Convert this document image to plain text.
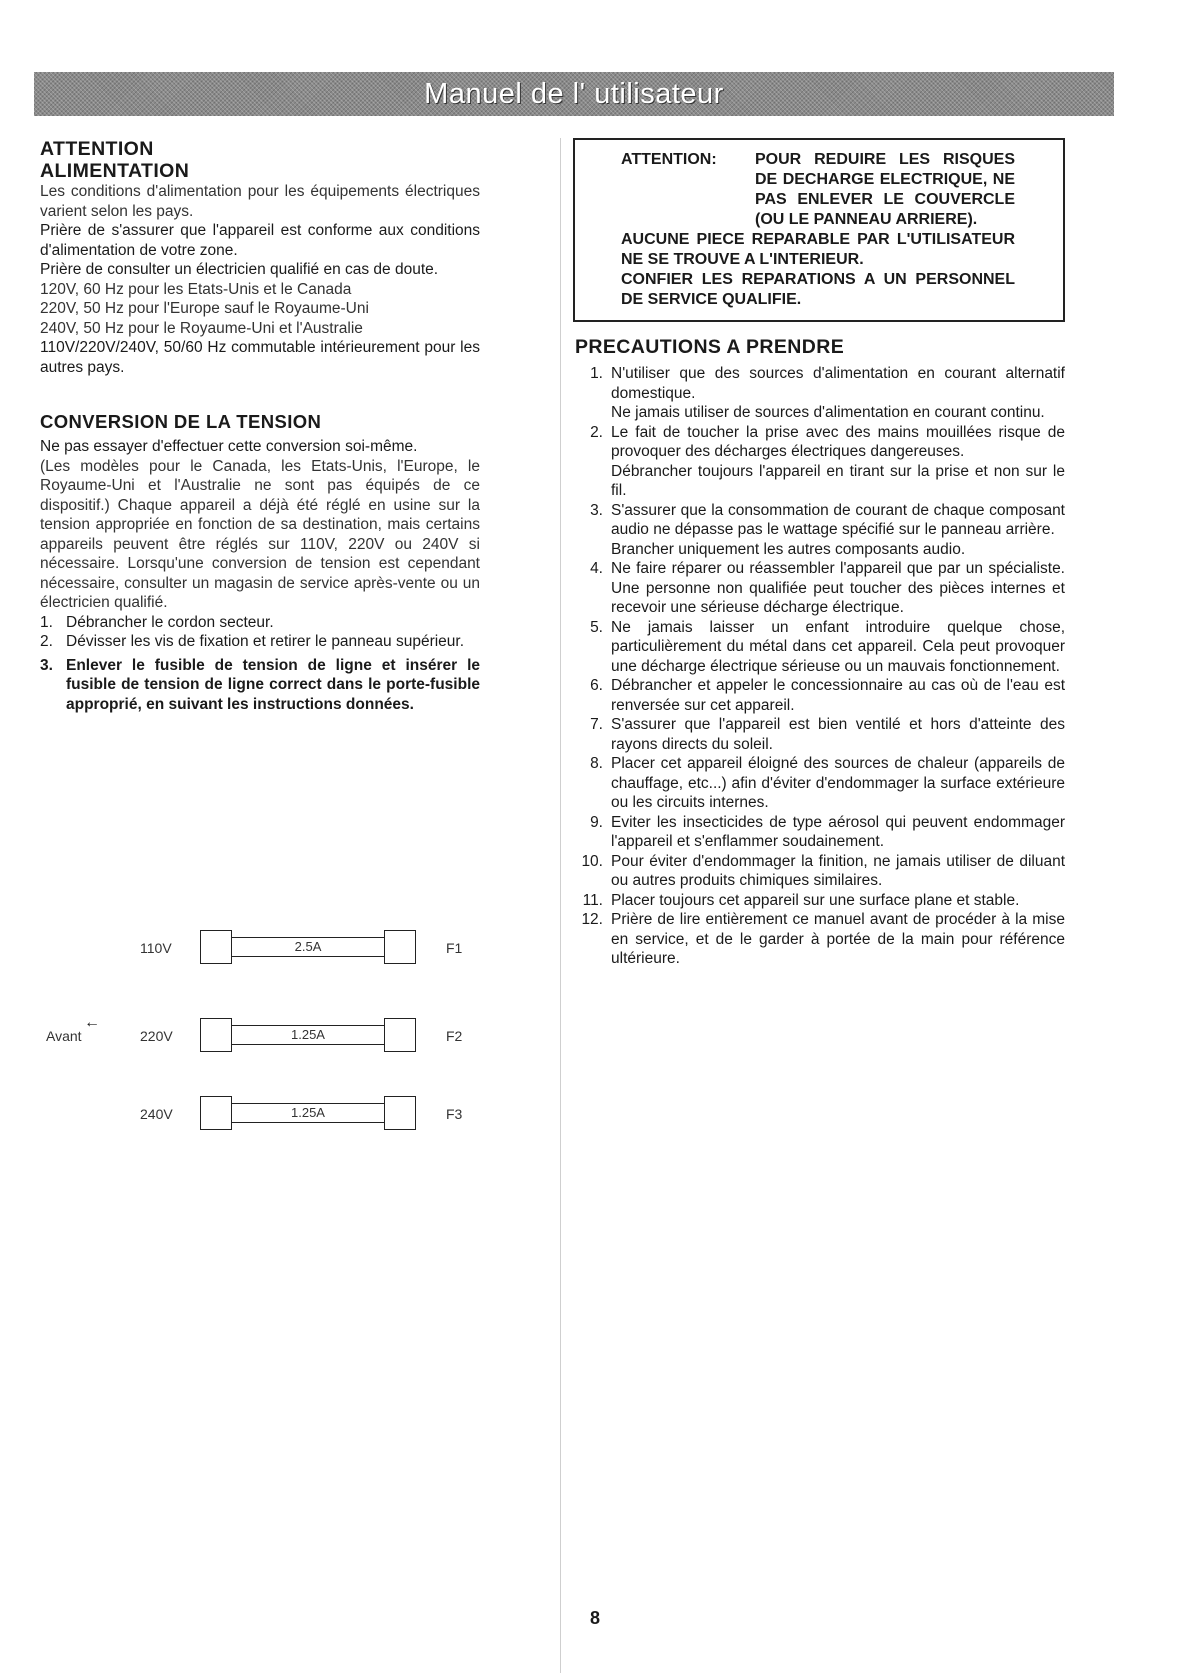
Manuel de l' utilisateur

ATTENTION

ALIMENTATION

Les conditions d'alimentation pour les équipements électriques varient selon les pays.

Prière de s'assurer que l'appareil est conforme aux conditions d'alimentation de votre zone.

Prière de consulter un électricien qualifié en cas de doute.

120V, 60 Hz pour les Etats-Unis et le Canada

220V, 50 Hz pour l'Europe sauf le Royaume-Uni

240V, 50 Hz pour le Royaume-Uni et l'Australie

110V/220V/240V, 50/60 Hz commutable intérieurement pour les autres pays.

CONVERSION DE LA TENSION

Ne pas essayer d'effectuer cette conversion soi-même.

(Les modèles pour le Canada, les Etats-Unis, l'Europe, le Royaume-Uni et l'Australie ne sont pas équipés de ce dispositif.) Chaque appareil a déjà été réglé en usine sur la tension appropriée en fonction de sa destination, mais certains appareils peuvent être réglés sur 110V, 220V ou 240V si nécessaire. Lorsqu'une conversion de tension est cependant nécessaire, consulter un magasin de service après-vente ou un électricien qualifié.

1. Débrancher le cordon secteur.
2. Dévisser les vis de fixation et retirer le panneau supérieur.
3. Enlever le fusible de tension de ligne et insérer le fusible de tension de ligne correct dans le porte-fusible approprié, en suivant les instructions données.
Avant
←
110V	2.5A	F1
220V	1.25A	F2
240V	1.25A	F3
ATTENTION:	POUR REDUIRE LES RISQUES DE DECHARGE ELECTRIQUE, NE PAS ENLEVER LE COUVERCLE (OU LE PANNEAU ARRIERE).
AUCUNE PIECE REPARABLE PAR L'UTILISATEUR NE SE TROUVE A L'INTERIEUR.
CONFIER LES REPARATIONS A UN PERSONNEL DE SERVICE QUALIFIE.

PRECAUTIONS A PRENDRE

1. N'utiliser que des sources d'alimentation en courant alternatif domestique.
Ne jamais utiliser de sources d'alimentation en courant continu.
2. Le fait de toucher la prise avec des mains mouillées risque de provoquer des décharges électriques dangereuses.
Débrancher toujours l'appareil en tirant sur la prise et non sur le fil.
3. S'assurer que la consommation de courant de chaque composant audio ne dépasse pas le wattage spécifié sur le panneau arrière.
Brancher uniquement les autres composants audio.
4. Ne faire réparer ou réassembler l'appareil que par un spécialiste. Une personne non qualifiée peut toucher des pièces internes et recevoir une sérieuse décharge électrique.
5. Ne jamais laisser un enfant introduire quelque chose, particulièrement du métal dans cet appareil. Cela peut provoquer une décharge électrique sérieuse ou un mauvais fonctionnement.
6. Débrancher et appeler le concessionnaire au cas où de l'eau est renversée sur cet appareil.
7. S'assurer que l'appareil est bien ventilé et hors d'atteinte des rayons directs du soleil.
8. Placer cet appareil éloigné des sources de chaleur (appareils de chauffage, etc...) afin d'éviter d'endommager la surface extérieure ou les circuits internes.
9. Eviter les insecticides de type aérosol qui peuvent endommager l'appareil et s'enflammer soudainement.
10. Pour éviter d'endommager la finition, ne jamais utiliser de diluant ou autres produits chimiques similaires.
11. Placer toujours cet appareil sur une surface plane et stable.
12. Prière de lire entièrement ce manuel avant de procéder à la mise en service, et de le garder à portée de la main pour référence ultérieure.
8
